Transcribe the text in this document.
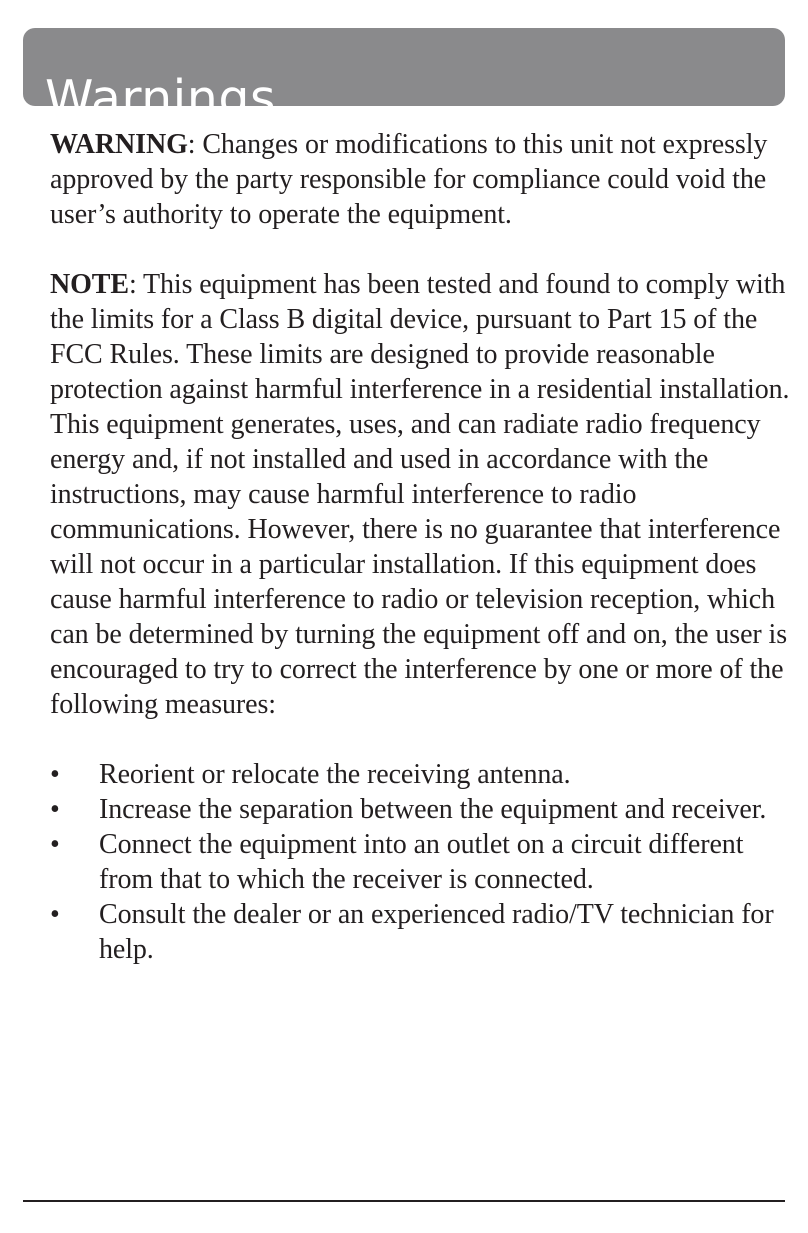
Warnings

WARNING: Changes or modifications to this unit not expressly approved by the party responsible for compliance could void the user’s authority to operate the equipment.

NOTE: This equipment has been tested and found to comply with the limits for a Class B digital device, pursuant to Part 15 of the FCC Rules. These limits are designed to provide reasonable protection against harmful interference in a residential installation. This equipment generates, uses, and can radiate radio frequency energy and, if not installed and used in accordance with the instructions, may cause harmful interference to radio communications. However, there is no guarantee that interference will not occur in a particular installation. If this equipment does cause harmful interference to radio or television reception, which can be determined by turning the equipment off and on, the user is encouraged to try to correct the interference by one or more of the following measures:

•	Reorient or relocate the receiving antenna.
•	Increase the separation between the equipment and receiver.
•	Connect the equipment into an outlet on a circuit different from that to which the receiver is connected.
•	Consult the dealer or an experienced radio/TV technician for help.
